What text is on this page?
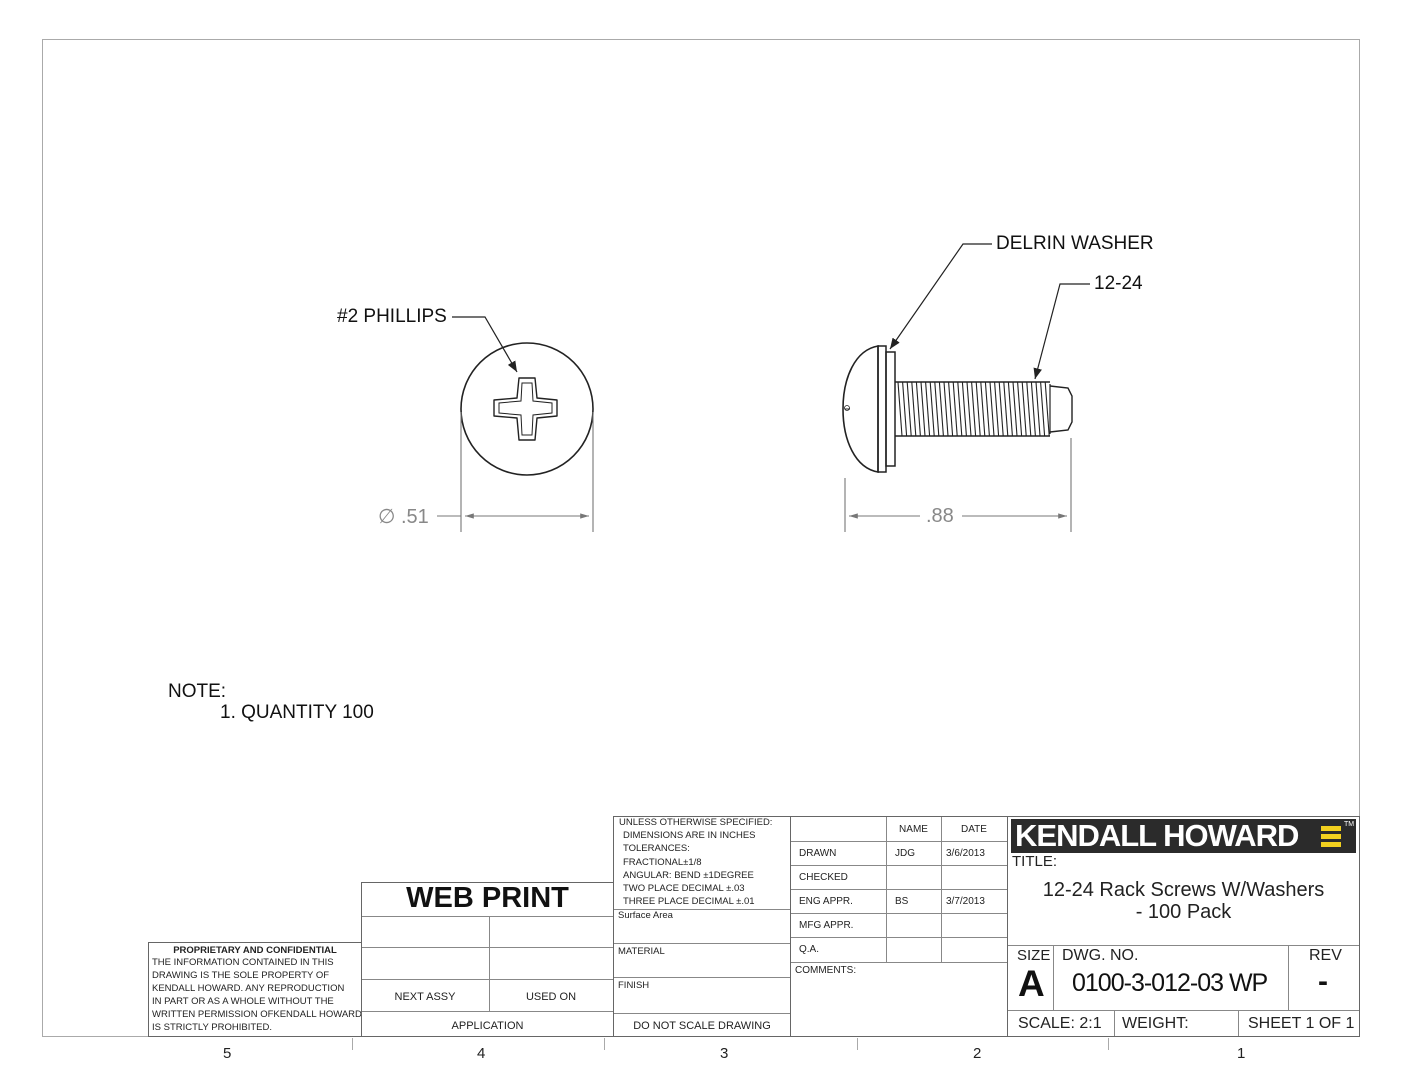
5	4	3	2	1
#2 PHILLIPS
DELRIN WASHER
12-24
∅ .51	.88
NOTE:
1. QUANTITY 100
PROPRIETARY AND CONFIDENTIAL
THE INFORMATION CONTAINED IN THIS
DRAWING IS THE SOLE PROPERTY OF
KENDALL HOWARD. ANY REPRODUCTION
IN PART OR AS A WHOLE WITHOUT THE
WRITTEN PERMISSION OFKENDALL HOWARD
IS STRICTLY PROHIBITED.
WEB PRINT
NEXT ASSY	USED ON
APPLICATION
UNLESS OTHERWISE SPECIFIED:
DIMENSIONS ARE IN INCHES
TOLERANCES:
FRACTIONAL±1/8
ANGULAR: BEND ±1DEGREE
TWO PLACE DECIMAL ±.03
THREE PLACE DECIMAL ±.01
Surface Area
MATERIAL
FINISH
DO NOT SCALE DRAWING
NAME	DATE
DRAWN	JDG	3/6/2013
CHECKED
ENG APPR.	BS	3/7/2013
MFG APPR.
Q.A.
COMMENTS:
KENDALL HOWARD	TM
TITLE:
12-24 Rack Screws W/Washers
- 100 Pack
SIZE
A
DWG. NO.
0100-3-012-03 WP
REV
-
SCALE: 2:1 WEIGHT:	SHEET 1 OF 1
